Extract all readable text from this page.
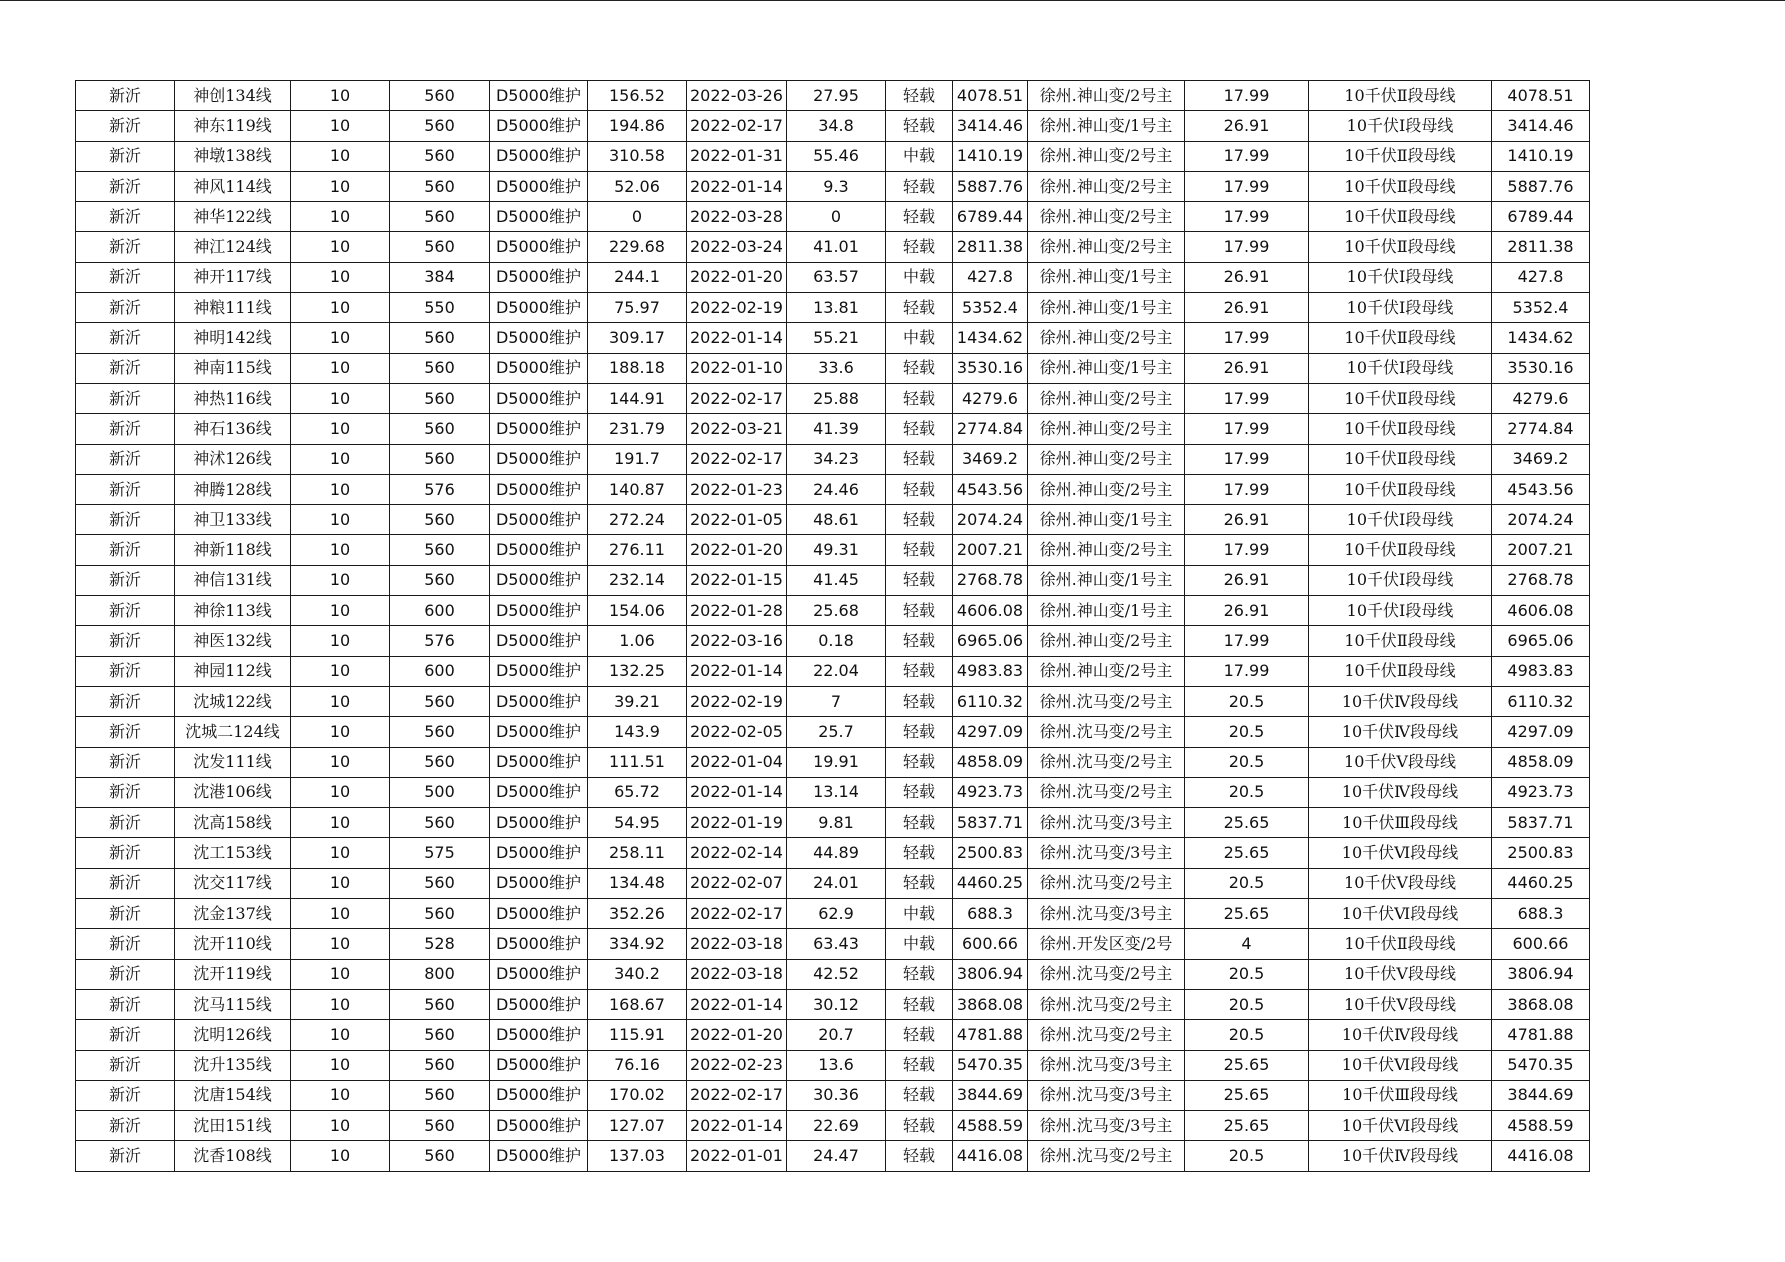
新沂	神创134线	10	560	D5000维护	156.52	2022-03-26	27.95	轻载	4078.51	徐州.神山变/2号主	17.99	10千伏Ⅱ段母线	4078.51
新沂	神东119线	10	560	D5000维护	194.86	2022-02-17	34.8	轻载	3414.46	徐州.神山变/1号主	26.91	10千伏Ⅰ段母线	3414.46
新沂	神墩138线	10	560	D5000维护	310.58	2022-01-31	55.46	中载	1410.19	徐州.神山变/2号主	17.99	10千伏Ⅱ段母线	1410.19
新沂	神风114线	10	560	D5000维护	52.06	2022-01-14	9.3	轻载	5887.76	徐州.神山变/2号主	17.99	10千伏Ⅱ段母线	5887.76
新沂	神华122线	10	560	D5000维护	0	2022-03-28	0	轻载	6789.44	徐州.神山变/2号主	17.99	10千伏Ⅱ段母线	6789.44
新沂	神江124线	10	560	D5000维护	229.68	2022-03-24	41.01	轻载	2811.38	徐州.神山变/2号主	17.99	10千伏Ⅱ段母线	2811.38
新沂	神开117线	10	384	D5000维护	244.1	2022-01-20	63.57	中载	427.8	徐州.神山变/1号主	26.91	10千伏Ⅰ段母线	427.8
新沂	神粮111线	10	550	D5000维护	75.97	2022-02-19	13.81	轻载	5352.4	徐州.神山变/1号主	26.91	10千伏Ⅰ段母线	5352.4
新沂	神明142线	10	560	D5000维护	309.17	2022-01-14	55.21	中载	1434.62	徐州.神山变/2号主	17.99	10千伏Ⅱ段母线	1434.62
新沂	神南115线	10	560	D5000维护	188.18	2022-01-10	33.6	轻载	3530.16	徐州.神山变/1号主	26.91	10千伏Ⅰ段母线	3530.16
新沂	神热116线	10	560	D5000维护	144.91	2022-02-17	25.88	轻载	4279.6	徐州.神山变/2号主	17.99	10千伏Ⅱ段母线	4279.6
新沂	神石136线	10	560	D5000维护	231.79	2022-03-21	41.39	轻载	2774.84	徐州.神山变/2号主	17.99	10千伏Ⅱ段母线	2774.84
新沂	神沭126线	10	560	D5000维护	191.7	2022-02-17	34.23	轻载	3469.2	徐州.神山变/2号主	17.99	10千伏Ⅱ段母线	3469.2
新沂	神腾128线	10	576	D5000维护	140.87	2022-01-23	24.46	轻载	4543.56	徐州.神山变/2号主	17.99	10千伏Ⅱ段母线	4543.56
新沂	神卫133线	10	560	D5000维护	272.24	2022-01-05	48.61	轻载	2074.24	徐州.神山变/1号主	26.91	10千伏Ⅰ段母线	2074.24
新沂	神新118线	10	560	D5000维护	276.11	2022-01-20	49.31	轻载	2007.21	徐州.神山变/2号主	17.99	10千伏Ⅱ段母线	2007.21
新沂	神信131线	10	560	D5000维护	232.14	2022-01-15	41.45	轻载	2768.78	徐州.神山变/1号主	26.91	10千伏Ⅰ段母线	2768.78
新沂	神徐113线	10	600	D5000维护	154.06	2022-01-28	25.68	轻载	4606.08	徐州.神山变/1号主	26.91	10千伏Ⅰ段母线	4606.08
新沂	神医132线	10	576	D5000维护	1.06	2022-03-16	0.18	轻载	6965.06	徐州.神山变/2号主	17.99	10千伏Ⅱ段母线	6965.06
新沂	神园112线	10	600	D5000维护	132.25	2022-01-14	22.04	轻载	4983.83	徐州.神山变/2号主	17.99	10千伏Ⅱ段母线	4983.83
新沂	沈城122线	10	560	D5000维护	39.21	2022-02-19	7	轻载	6110.32	徐州.沈马变/2号主	20.5	10千伏Ⅳ段母线	6110.32
新沂	沈城二124线	10	560	D5000维护	143.9	2022-02-05	25.7	轻载	4297.09	徐州.沈马变/2号主	20.5	10千伏Ⅳ段母线	4297.09
新沂	沈发111线	10	560	D5000维护	111.51	2022-01-04	19.91	轻载	4858.09	徐州.沈马变/2号主	20.5	10千伏Ⅴ段母线	4858.09
新沂	沈港106线	10	500	D5000维护	65.72	2022-01-14	13.14	轻载	4923.73	徐州.沈马变/2号主	20.5	10千伏Ⅳ段母线	4923.73
新沂	沈高158线	10	560	D5000维护	54.95	2022-01-19	9.81	轻载	5837.71	徐州.沈马变/3号主	25.65	10千伏Ⅲ段母线	5837.71
新沂	沈工153线	10	575	D5000维护	258.11	2022-02-14	44.89	轻载	2500.83	徐州.沈马变/3号主	25.65	10千伏Ⅵ段母线	2500.83
新沂	沈交117线	10	560	D5000维护	134.48	2022-02-07	24.01	轻载	4460.25	徐州.沈马变/2号主	20.5	10千伏Ⅴ段母线	4460.25
新沂	沈金137线	10	560	D5000维护	352.26	2022-02-17	62.9	中载	688.3	徐州.沈马变/3号主	25.65	10千伏Ⅵ段母线	688.3
新沂	沈开110线	10	528	D5000维护	334.92	2022-03-18	63.43	中载	600.66	徐州.开发区变/2号	4	10千伏Ⅱ段母线	600.66
新沂	沈开119线	10	800	D5000维护	340.2	2022-03-18	42.52	轻载	3806.94	徐州.沈马变/2号主	20.5	10千伏Ⅴ段母线	3806.94
新沂	沈马115线	10	560	D5000维护	168.67	2022-01-14	30.12	轻载	3868.08	徐州.沈马变/2号主	20.5	10千伏Ⅴ段母线	3868.08
新沂	沈明126线	10	560	D5000维护	115.91	2022-01-20	20.7	轻载	4781.88	徐州.沈马变/2号主	20.5	10千伏Ⅳ段母线	4781.88
新沂	沈升135线	10	560	D5000维护	76.16	2022-02-23	13.6	轻载	5470.35	徐州.沈马变/3号主	25.65	10千伏Ⅵ段母线	5470.35
新沂	沈唐154线	10	560	D5000维护	170.02	2022-02-17	30.36	轻载	3844.69	徐州.沈马变/3号主	25.65	10千伏Ⅲ段母线	3844.69
新沂	沈田151线	10	560	D5000维护	127.07	2022-01-14	22.69	轻载	4588.59	徐州.沈马变/3号主	25.65	10千伏Ⅵ段母线	4588.59
新沂	沈香108线	10	560	D5000维护	137.03	2022-01-01	24.47	轻载	4416.08	徐州.沈马变/2号主	20.5	10千伏Ⅳ段母线	4416.08
